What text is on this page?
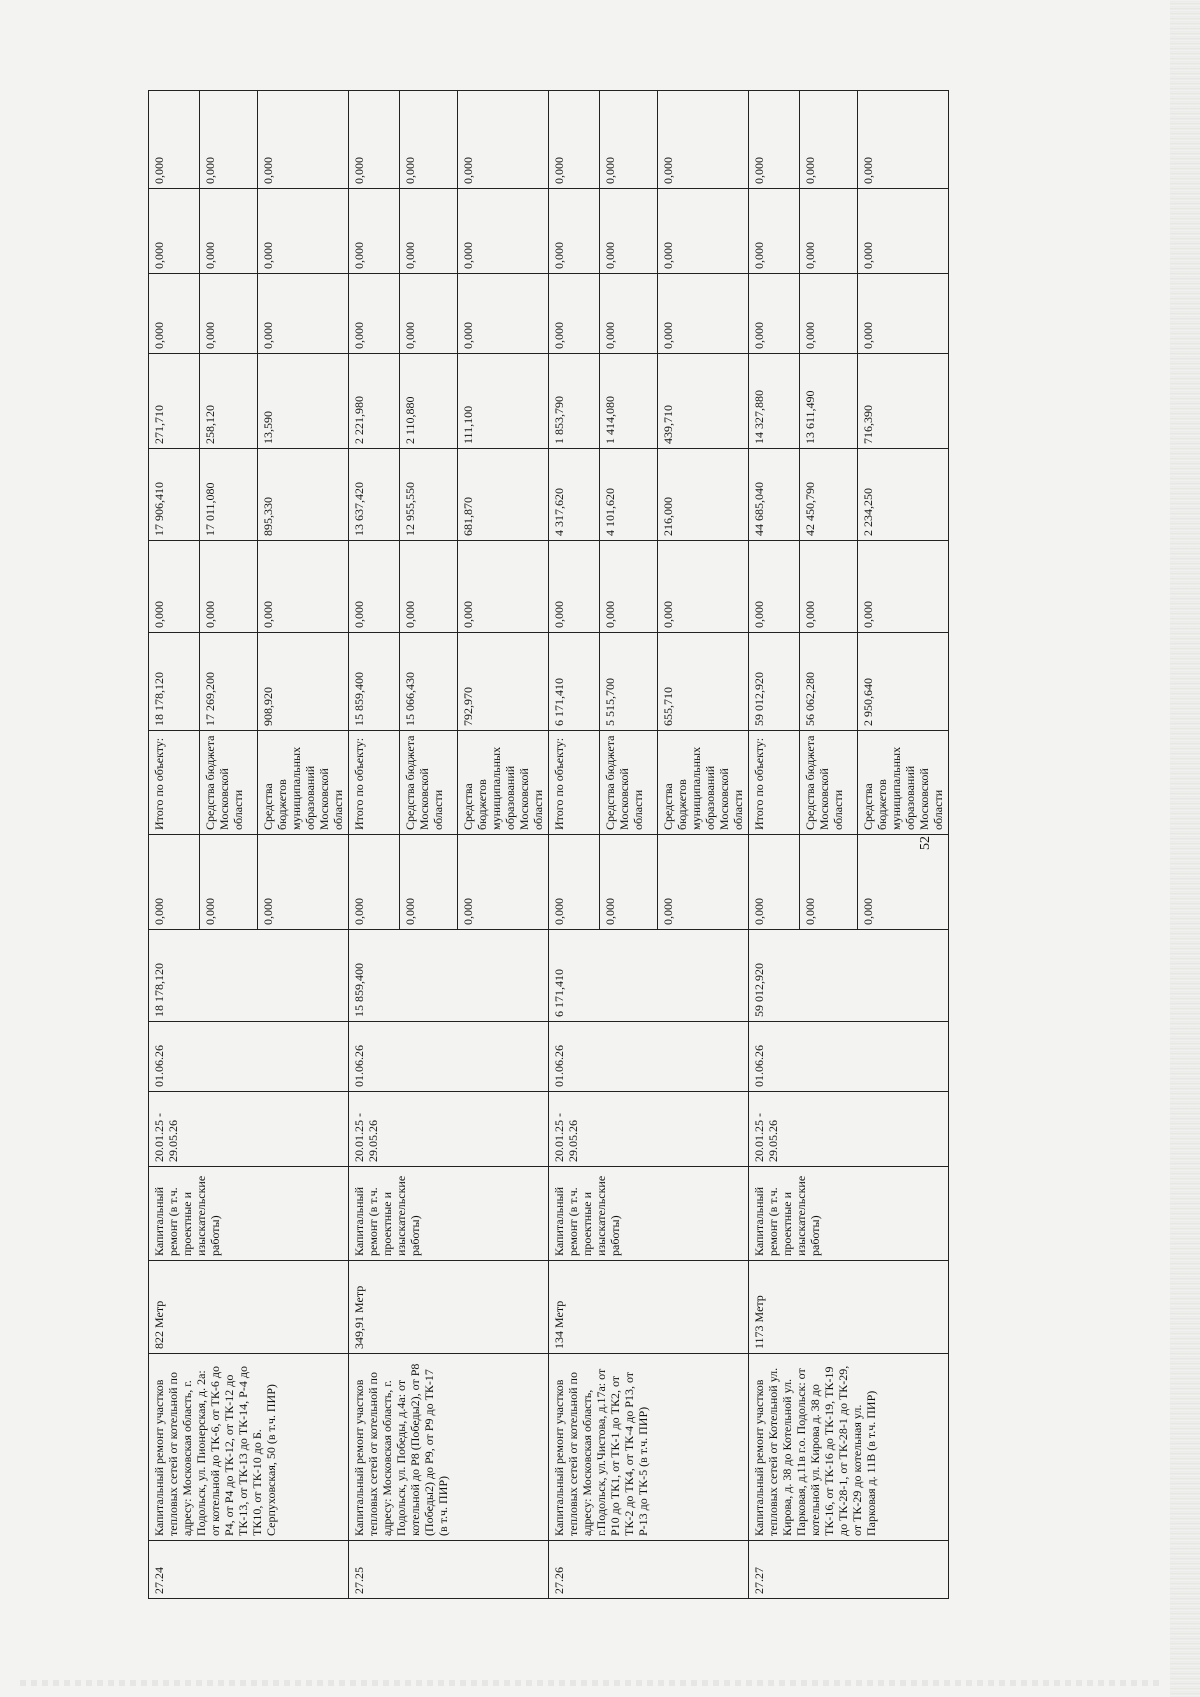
27.24	Капитальный ремонт участков тепловых сетей от котельной по адресу: Московская область, г. Подольск, ул. Пионерская, д. 2а: от котельной до ТК-6, от ТК-6 до Р4, от Р4 до ТК-12, от ТК-12 до ТК-13, от ТК-13 до ТК-14, Р-4 до ТК10, от ТК-10 до Б. Серпуховская, 50 (в т.ч. ПИР)	822 Метр	Капитальный ремонт (в т.ч. проектные и изыскательские работы)	20.01.25 - 29.05.26	01.06.26	18 178,120	0,000	Итого по объекту:	18 178,120	0,000	17 906,410	271,710	0,000	0,000	0,000
							0,000	Средства бюджета Московской области	17 269,200	0,000	17 011,080	258,120	0,000	0,000	0,000
							0,000	Средства бюджетов муниципальных образований Московской области	908,920	0,000	895,330	13,590	0,000	0,000	0,000
27.25	Капитальный ремонт участков тепловых сетей от котельной по адресу: Московская область, г. Подольск, ул. Победы, д.4а: от котельной до Р8 (Победы2), от Р8 (Победы2) до Р9, от Р9 до ТК-17 (в т.ч. ПИР)	349,91 Метр	Капитальный ремонт (в т.ч. проектные и изыскательские работы)	20.01.25 - 29.05.26	01.06.26	15 859,400	0,000	Итого по объекту:	15 859,400	0,000	13 637,420	2 221,980	0,000	0,000	0,000
							0,000	Средства бюджета Московской области	15 066,430	0,000	12 955,550	2 110,880	0,000	0,000	0,000
							0,000	Средства бюджетов муниципальных образований Московской области	792,970	0,000	681,870	111,100	0,000	0,000	0,000
27.26	Капитальный ремонт участков тепловых сетей от котельной по адресу: Московская область, г.Подольск, ул.Чистова, д.17а: от Р10 до ТК1, от ТК-1 до ТК2, от ТК-2 до ТК4, от ТК-4 до Р13, от Р-13 до ТК-5 (в т.ч. ПИР)	134 Метр	Капитальный ремонт (в т.ч. проектные и изыскательские работы)	20.01.25 - 29.05.26	01.06.26	6 171,410	0,000	Итого по объекту:	6 171,410	0,000	4 317,620	1 853,790	0,000	0,000	0,000
							0,000	Средства бюджета Московской области	5 515,700	0,000	4 101,620	1 414,080	0,000	0,000	0,000
							0,000	Средства бюджетов муниципальных образований Московской области	655,710	0,000	216,000	439,710	0,000	0,000	0,000
27.27	Капитальный ремонт участков тепловых сетей от Котельной ул. Кирова, д. 38 до Котельной ул. Парковая, д.11в г.о. Подольск: от котельной ул. Кирова д. 38 до ТК-16, от ТК-16 до ТК-19, ТК-19 до ТК-28-1, от ТК-28-1 до ТК-29, от ТК-29 до котельная ул. Парковая д. 11В (в т.ч. ПИР)	1173 Метр	Капитальный ремонт (в т.ч. проектные и изыскательские работы)	20.01.25 - 29.05.26	01.06.26	59 012,920	0,000	Итого по объекту:	59 012,920	0,000	44 685,040	14 327,880	0,000	0,000	0,000
							0,000	Средства бюджета Московской области	56 062,280	0,000	42 450,790	13 611,490	0,000	0,000	0,000
							0,000	Средства бюджетов муниципальных образований Московской области	2 950,640	0,000	2 234,250	716,390	0,000	0,000	0,000
52
